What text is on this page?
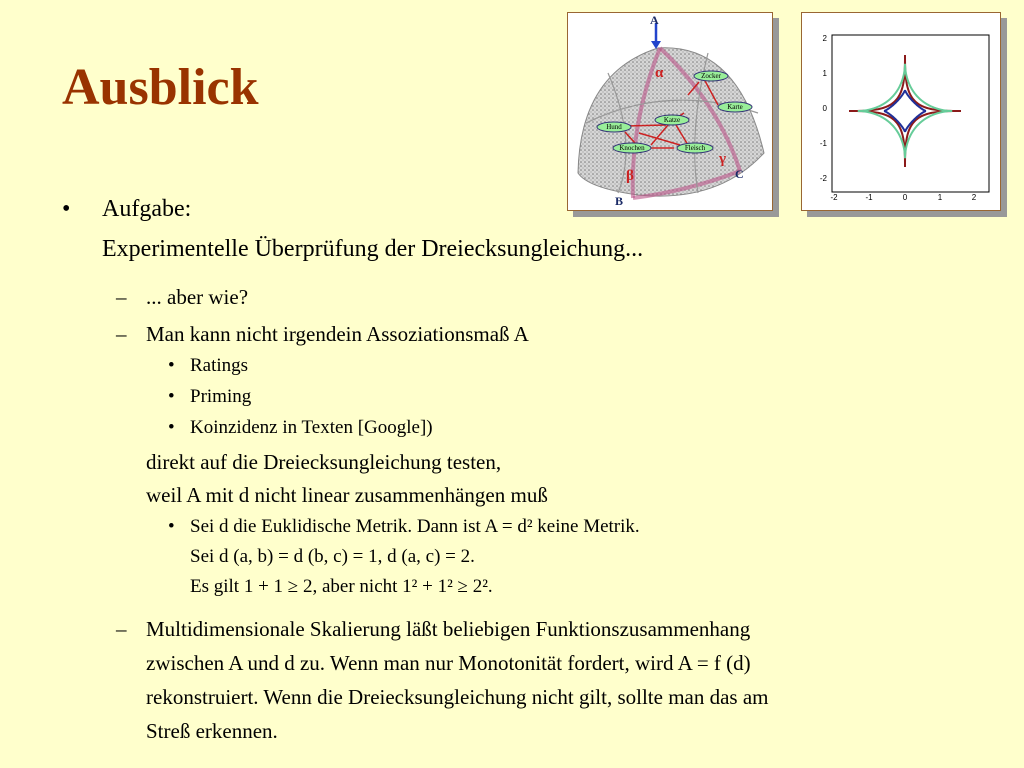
Ausblick	Zocker
Karte
Katze
Hund
Knochen	Fleisch
A
B
C
α
β
γ
-2	-1	0	1	2
2
1
0
-1
-2
• Aufgabe:
Experimentelle Überprüfung der Dreiecksungleichung...
– ... aber wie?
– Man kann nicht irgendein Assoziationsmaß A
• Ratings
• Priming
• Koinzidenz in Texten [Google])
direkt auf die Dreiecksungleichung testen,
weil A mit d nicht linear zusammenhängen muß
• Sei d die Euklidische Metrik. Dann ist A = d² keine Metrik.
Sei d (a, b) = d (b, c) = 1, d (a, c) = 2.
Es gilt 1 + 1 ≥ 2, aber nicht 1² + 1² ≥ 2².
– Multidimensionale Skalierung läßt beliebigen Funktionszusammenhang
zwischen A und d zu. Wenn man nur Monotonität fordert, wird A = f (d)
rekonstruiert. Wenn die Dreiecksungleichung nicht gilt, sollte man das am
Streß erkennen.
